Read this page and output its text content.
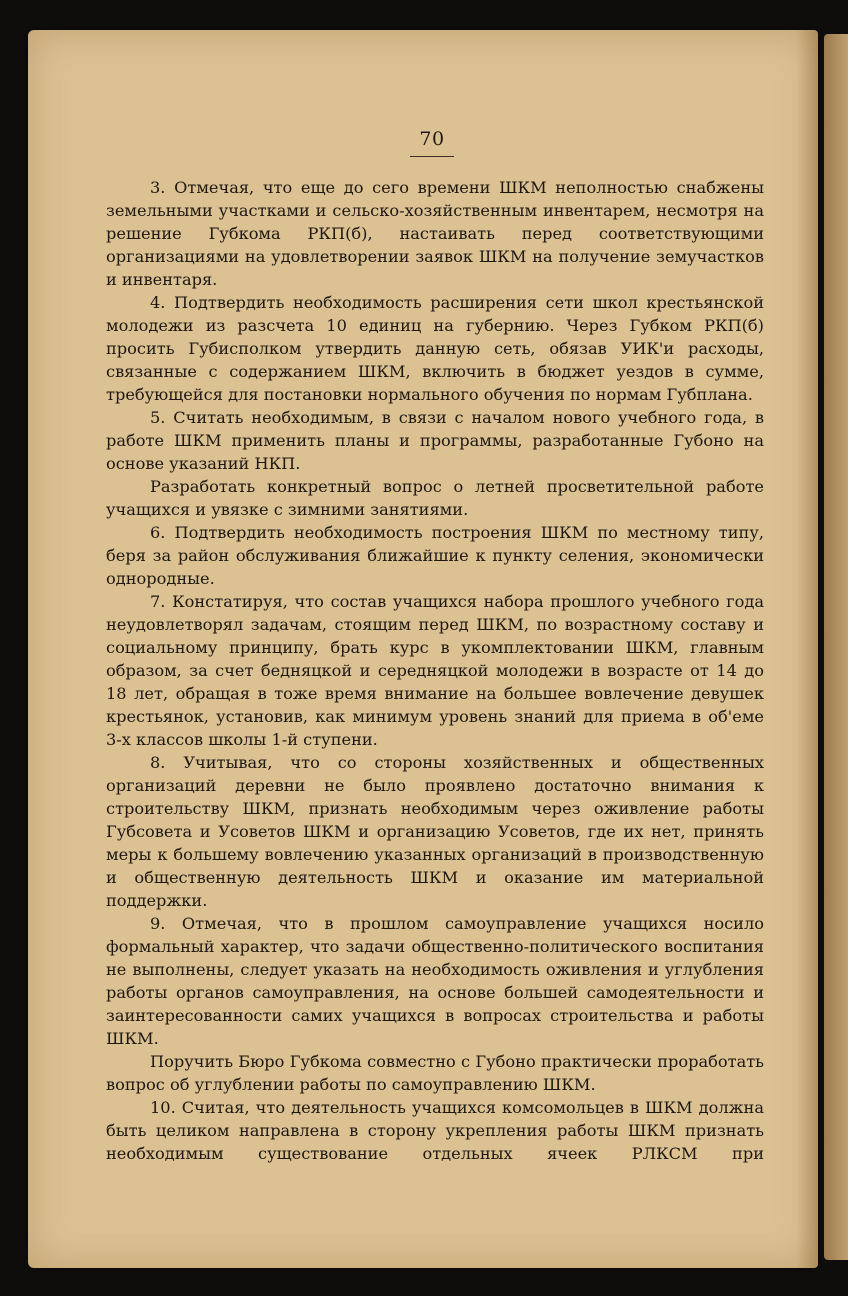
70

3. Отмечая, что еще до сего времени ШКМ неполностью снабжены земельными участками и сельско-хозяйственным инвентарем, несмотря на решение Губкома РКП(б), настаивать перед соответствующими организациями на удовлетворении заявок ШКМ на получение земучастков и инвентаря.

4. Подтвердить необходимость расширения сети школ крестьянской молодежи из разсчета 10 единиц на губернию. Через Губком РКП(б) просить Губисполком утвердить данную сеть, обязав УИК'и расходы, связанные с содержанием ШКМ, включить в бюджет уездов в сумме, требующейся для постановки нормального обучения по нормам Губплана.

5. Считать необходимым, в связи с началом нового учебного года, в работе ШКМ применить планы и программы, разработанные Губоно на основе указаний НКП.

Разработать конкретный вопрос о летней просветительной работе учащихся и увязке с зимними занятиями.

6. Подтвердить необходимость построения ШКМ по местному типу, беря за район обслуживания ближайшие к пункту селения, экономически однородные.

7. Констатируя, что состав учащихся набора прошлого учебного года неудовлетворял задачам, стоящим перед ШКМ, по возрастному составу и социальному принципу, брать курс в укомплектовании ШКМ, главным образом, за счет бедняцкой и середняцкой молодежи в возрасте от 14 до 18 лет, обращая в тоже время внимание на большее вовлечение девушек крестьянок, установив, как минимум уровень знаний для приема в об'еме 3-х классов школы 1-й ступени.

8. Учитывая, что со стороны хозяйственных и общественных организаций деревни не было проявлено достаточно внимания к строительству ШКМ, признать необходимым через оживление работы Губсовета и Усоветов ШКМ и организацию Усоветов, где их нет, принять меры к большему вовлечению указанных организаций в производственную и общественную деятельность ШКМ и оказание им материальной поддержки.

9. Отмечая, что в прошлом самоуправление учащихся носило формальный характер, что задачи общественно-политического воспитания не выполнены, следует указать на необходимость оживления и углубления работы органов самоуправления, на основе большей самодеятельности и заинтересованности самих учащихся в вопросах строительства и работы ШКМ.

Поручить Бюро Губкома совместно с Губоно практически проработать вопрос об углублении работы по самоуправлению ШКМ.

10. Считая, что деятельность учащихся комсомольцев в ШКМ должна быть целиком направлена в сторону укрепления работы ШКМ признать необходимым существование отдельных ячеек РЛКСМ при
